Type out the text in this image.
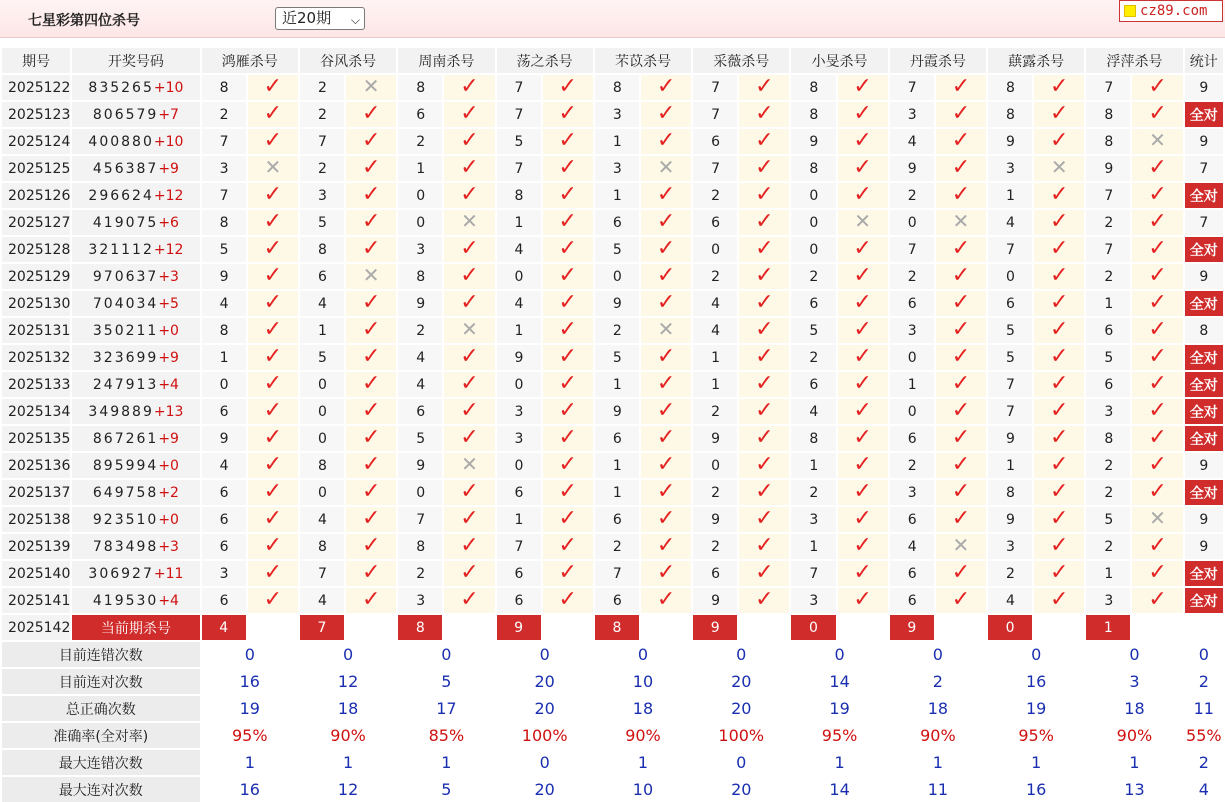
七星彩第四位杀号	近20期 ⌵
cz89.com
期号	开奖号码	鸿雁杀号		谷风杀号		周南杀号		荡之杀号		芣苡杀号		采薇杀号		小旻杀号		丹霞杀号		蕻露杀号		浮萍杀号		统计
2025122	835265+10	8	✓	2	✕	8	✓	7	✓	8	✓	7	✓	8	✓	7	✓	8	✓	7	✓	9
2025123	806579+7	2	✓	2	✓	6	✓	7	✓	3	✓	7	✓	8	✓	3	✓	8	✓	8	✓	全对
2025124	400880+10	7	✓	7	✓	2	✓	5	✓	1	✓	6	✓	9	✓	4	✓	9	✓	8	✕	9
2025125	456387+9	3	✕	2	✓	1	✓	7	✓	3	✕	7	✓	8	✓	9	✓	3	✕	9	✓	7
2025126	296624+12	7	✓	3	✓	0	✓	8	✓	1	✓	2	✓	0	✓	2	✓	1	✓	7	✓	全对
2025127	419075+6	8	✓	5	✓	0	✕	1	✓	6	✓	6	✓	0	✕	0	✕	4	✓	2	✓	7
2025128	321112+12	5	✓	8	✓	3	✓	4	✓	5	✓	0	✓	0	✓	7	✓	7	✓	7	✓	全对
2025129	970637+3	9	✓	6	✕	8	✓	0	✓	0	✓	2	✓	2	✓	2	✓	0	✓	2	✓	9
2025130	704034+5	4	✓	4	✓	9	✓	4	✓	9	✓	4	✓	6	✓	6	✓	6	✓	1	✓	全对
2025131	350211+0	8	✓	1	✓	2	✕	1	✓	2	✕	4	✓	5	✓	3	✓	5	✓	6	✓	8
2025132	323699+9	1	✓	5	✓	4	✓	9	✓	5	✓	1	✓	2	✓	0	✓	5	✓	5	✓	全对
2025133	247913+4	0	✓	0	✓	4	✓	0	✓	1	✓	1	✓	6	✓	1	✓	7	✓	6	✓	全对
2025134	349889+13	6	✓	0	✓	6	✓	3	✓	9	✓	2	✓	4	✓	0	✓	7	✓	3	✓	全对
2025135	867261+9	9	✓	0	✓	5	✓	3	✓	6	✓	9	✓	8	✓	6	✓	9	✓	8	✓	全对
2025136	895994+0	4	✓	8	✓	9	✕	0	✓	1	✓	0	✓	1	✓	2	✓	1	✓	2	✓	9
2025137	649758+2	6	✓	0	✓	0	✓	6	✓	1	✓	2	✓	2	✓	3	✓	8	✓	2	✓	全对
2025138	923510+0	6	✓	4	✓	7	✓	1	✓	6	✓	9	✓	3	✓	6	✓	9	✓	5	✕	9
2025139	783498+3	6	✓	8	✓	8	✓	7	✓	2	✓	2	✓	1	✓	4	✕	3	✓	2	✓	9
2025140	306927+11	3	✓	7	✓	2	✓	6	✓	7	✓	6	✓	7	✓	6	✓	2	✓	1	✓	全对
2025141	419530+4	6	✓	4	✓	3	✓	6	✓	6	✓	9	✓	3	✓	6	✓	4	✓	3	✓	全对
2025142	当前期杀号	4		7		8		9		8		9		0		9		0		1		
目前连错次数		0		0		0		0		0		0		0		0		0		0		0
目前连对次数		16		12		5		20		10		20		14		2		16		3		2
总正确次数		19		18		17		20		18		20		19		18		19		18		11
准确率(全对率)		95%		90%		85%		100%		90%		100%		95%		90%		95%		90%		55%
最大连错次数		1		1		1		0		1		0		1		1		1		1		2
最大连对次数		16		12		5		20		10		20		14		11		16		13		4
